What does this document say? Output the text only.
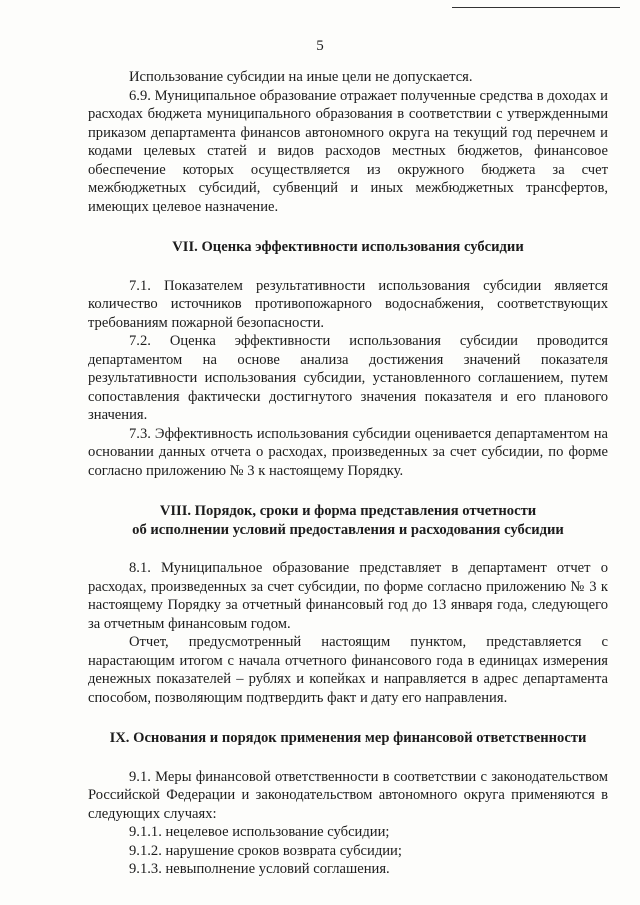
5

Использование субсидии на иные цели не допускается.

6.9. Муниципальное образование отражает полученные средства в доходах и расходах бюджета муниципального образования в соответствии с утвержденными приказом департамента финансов автономного округа на текущий год перечнем и кодами целевых статей и видов расходов местных бюджетов, финансовое обеспечение которых осуществляется из окружного бюджета за счет межбюджетных субсидий, субвенций и иных межбюджетных трансфертов, имеющих целевое назначение.

VII. Оценка эффективности использования субсидии

7.1. Показателем результативности использования субсидии является количество источников противопожарного водоснабжения, соответствующих требованиям пожарной безопасности.

7.2. Оценка эффективности использования субсидии проводится департаментом на основе анализа достижения значений показателя результативности использования субсидии, установленного соглашением, путем сопоставления фактически достигнутого значения показателя и его планового значения.

7.3. Эффективность использования субсидии оценивается департаментом на основании данных отчета о расходах, произведенных за счет субсидии, по форме согласно приложению № 3 к настоящему Порядку.

VIII. Порядок, сроки и форма представления отчетности
об исполнении условий предоставления и расходования субсидии

8.1. Муниципальное образование представляет в департамент отчет о расходах, произведенных за счет субсидии, по форме согласно приложению № 3 к настоящему Порядку за отчетный финансовый год до 13 января года, следующего за отчетным финансовым годом.

Отчет, предусмотренный настоящим пунктом, представляется с нарастающим итогом с начала отчетного финансового года в единицах измерения денежных показателей – рублях и копейках и направляется в адрес департамента способом, позволяющим подтвердить факт и дату его направления.

IX. Основания и порядок применения мер финансовой ответственности

9.1. Меры финансовой ответственности в соответствии с законодательством Российской Федерации и законодательством автономного округа применяются в следующих случаях:

9.1.1. нецелевое использование субсидии;

9.1.2. нарушение сроков возврата субсидии;

9.1.3. невыполнение условий соглашения.
